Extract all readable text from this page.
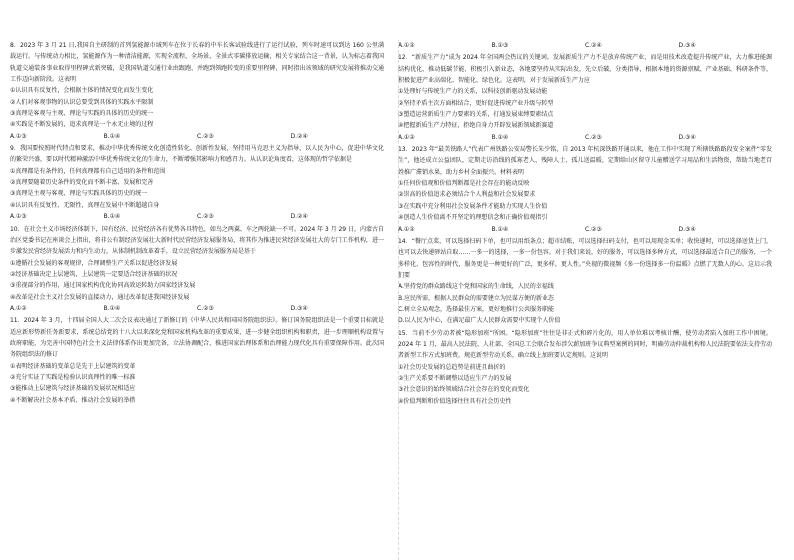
8．2023 年 3 月 21 日,我国自主研制的首列氢能源市域列车在位于长春的中车长客试验线进行了运行试验，列车时速可以到达 160 公里满载运行。与传统动力相比，氢能源作为一种清洁能源，实现全流程、全场景、全景式零碳排放运输，相关专家结合这一背景，认为标志着我国轨道交通装备事业取得里程碑式新突破，是我国轨道交通行业由跟跑、并跑到领跑转变的重要里程碑，同时指出该领域的研究发展将推动交通工作迈向新阶段。这表明

①认识具有反复性，会根据主体的情况变化而发生变化
②人们对客观事物的认识总要受到具体的实践水平限制
③真理是客观与主观、理论与实践的具体的历史的统一
④实践是不断发展的，追求真理是一个永无止境的过程
A.①③	B.①④	C.②③	D.②④

9．我国要按照时代特点和要求，推动中华优秀传统文化创造性转化、创新性发展，坚持用马克思主义为指导，以人民为中心，促进中华文化的繁荣兴盛，要以时代精神激活中华优秀传统文化的生命力，不断增强其影响力和感召力。从认识论角度看，这体现的哲学依据是

①真理都是有条件的，任何真理都有自己适用的条件和范围
②真理要随着历史条件的变化而不断丰富、发展和完善
③真理是主观与客观、理论与实践具体的历史的统一
④认识具有反复性、无限性，真理在发展中不断超越自身
A.①③	B.①④	C.②③	D.②④

10．在社会主义市场经济体制下，国有经济、民营经济各有优势各具特色，如鸟之两翼、车之两轮缺一不可。2024 年 3 月 29 日，内蒙古自治区党委书记在座谈会上指出，将非公有制经济发展壮大新时代民营经济发展服务局，将其作为推进民营经济发展壮大的专门工作机构，进一步激发民营经济发展活力和内生动力，从体制机制改革着手，设立民营经济发展服务局是基于

①遵循社会发展的客观规律，合理调整生产关系以促进经济发展
②经济基础决定上层建筑，上层建筑一定要适合经济基础的状况
③重视部分的作用，通过国家机构优化协同高效运转助力国家经济发展
④改革是社会主义社会发展的直接动力，通过改革促进我国经济发展
A.①②	B.①④	C.②③	D.③④

11．2024 年 3 月，十四届全国人大二次会议表决通过了新修订的《中华人民共和国国务院组织法》。修订国务院组织法是一个重要目标就是适应新形势新任务新要求，系统总结党的十八大以来深化党和国家机构改革的重要成果，进一步健全组织机构和职责，进一步理顺机构设置与政府职能，为完善中国特色社会主义法律体系作出更加完备，立法协调配合，推进国家治理体系和治理能力现代化具有重要保障作用。此次国务院组织法的修订

①表明经济基础的变革总是先于上层建筑的变革
②充分实证了实践是检验认识真理性的唯一标准
③能推动上层建筑与经济基础的发展状况相适应
④不断解决社会基本矛盾、推动社会发展的举措
A.①②	B.①③	C.②④	D.③④

12．“新质生产力”成为 2024 年全国两会热议的关键词。发展新质生产力不是放弃传统产业，而是用技术改造提升传统产业，大力推进能源结构优化、推动低碳节能、积极引入新业态，各地要坚持从实际出发，先立后破、分类指导，根据本地的资源禀赋、产业基础、科研条件等，积极促进产业高端化、智能化、绿色化。这表明，对于发展新质生产力应

①处理好与传统生产力的关系，以科技创新驱动发展动能
②坚持矛盾主次方面相结合，更好促进传统产业升级与转型
③塑造运营新质生产力要素的关系，打通发展束缚要素结点
④把握新质生产力特征，拒绝自身力开辟发展新领域新赛道
A.①②	B.①④	C.②③	D.③④

13．2023 年“最美铁路人”代表广州铁路公安局警长朱少铭，自 2013 年杭深铁路开通以来，他在工作中实现了所辖铁路路段安全案件“零发生”，他还成立公益团队，定期走访沿线的孤寡老人、残障人士、孤儿送温暖，定期给山区留守儿童赠送学习用品和生活物资，帮助当地老百姓推广滞销水果，助力乡村全面振兴。材料表明

①任何价值观和价值判断都是社会存在的能动反映
②崇高的价值追求必须结合个人利益和社会发展要求
③在实践中充分利用社会发展条件才能助力实现人生价值
④创造人生价值离不开坚定的理想信念和正确价值观指引
A.①②	B.①④	C.②③	D.③④

14．“餐厅点菜，可以选择扫码下单，也可以用纸条点；超市结账，可以选择扫码支付，也可以用现金买单；收快递时，可以选择送货上门，也可以去快递驿站自取……一多一的选择，一多一份包容。对于我们来说，好的服务，可以选择多种方式，可以选择最适合自己的服务，一个多样化、包容性的时代，服务更是一种更好的广泛，更多样，更人性。”央视的微视频《多一份选择多一份温暖》点燃了无数人的心。这启示我们要

A.坚持党的群众路线这个党和国家的生命线，人民的幸福线
B.应民所需，根据人民群众的需要建立为民谋方便的新业态
C.树立全局观念，选择最佳方案，更好地推行公共服务职能
D.以人民为中心，在满足最广大人民群众需要中实现个人价值

15．当前不少劳动者被“隐形加班”所困。“隐形加班”往往是非正式和碎片化的，用人单位难以考核计酬，使劳动者陷入加班工作中困境。2024 年 1 月，最高人民法院、人社部、全国总工会联合发布涉欠薪加班争议典型案例的同时，明确劳动仲裁机构和人民法院要依法支持劳动者新型工作方式加班费，规范新型劳动关系，确立线上加班要认定规则。这说明

①社会历史发展的总趋势是前进且曲折的
②生产关系要不断调整以适应生产力的发展
③社会意识的始终领域结合社会存在的变化而变化
④价值判断和价值选择往往具有社会历史性
